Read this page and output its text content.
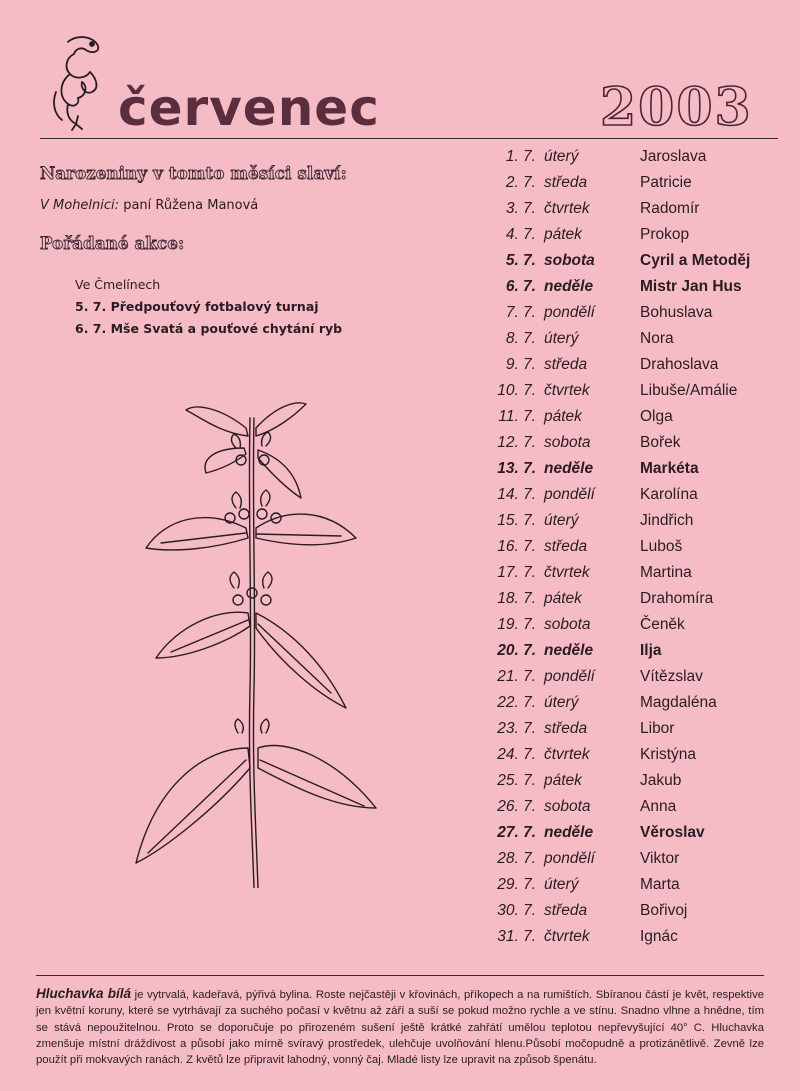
červenec	2003
Narozeniny v tomto měsíci slaví:
V Mohelnici: paní Růžena Manová
Pořádané akce:
Ve Čmelínech
5. 7. Předpouťový fotbalový turnaj
6. 7. Mše Svatá a pouťové chytání ryb
1. 7. úterý	Jaroslava
2. 7. středa	Patricie
3. 7. čtvrtek	Radomír
4. 7. pátek	Prokop
5. 7. sobota	Cyril a Metoděj
6. 7. neděle	Mistr Jan Hus
7. 7. pondělí	Bohuslava
8. 7. úterý	Nora
9. 7. středa	Drahoslava
10. 7. čtvrtek	Libuše/Amálie
11. 7. pátek	Olga
12. 7. sobota	Bořek
13. 7. neděle	Markéta
14. 7. pondělí	Karolína
15. 7. úterý	Jindřich
16. 7. středa	Luboš
17. 7. čtvrtek	Martina
18. 7. pátek	Drahomíra
19. 7. sobota	Čeněk
20. 7. neděle	Ilja
21. 7. pondělí	Vítězslav
22. 7. úterý	Magdaléna
23. 7. středa	Libor
24. 7. čtvrtek	Kristýna
25. 7. pátek	Jakub
26. 7. sobota	Anna
27. 7. neděle	Věroslav
28. 7. pondělí	Viktor
29. 7. úterý	Marta
30. 7. středa	Bořivoj
31. 7. čtvrtek	Ignác
Hluchavka bílá je vytrvalá, kadeřavá, pýřivá bylina. Roste nejčastěji v křovinách, příkopech a na rumištích. Sbíranou částí je květ, respektive jen květní koruny, které se vytrhávají za suchého počasí v květnu až září a suší se pokud možno rychle a ve stínu. Snadno vlhne a hnědne, tím se stává nepoužitelnou. Proto se doporučuje po přirozeném sušení ještě krátké zahřátí umělou teplotou nepřevyšující 40° C. Hluchavka zmenšuje místní dráždivost a působí jako mírně svíravý prostředek, ulehčuje uvolňování hlenu.Působí močopudně a protizánětlivě. Zevně lze použít při mokvavých ranách. Z květů lze připravit lahodný, vonný čaj. Mladé listy lze upravit na způsob špenátu.
